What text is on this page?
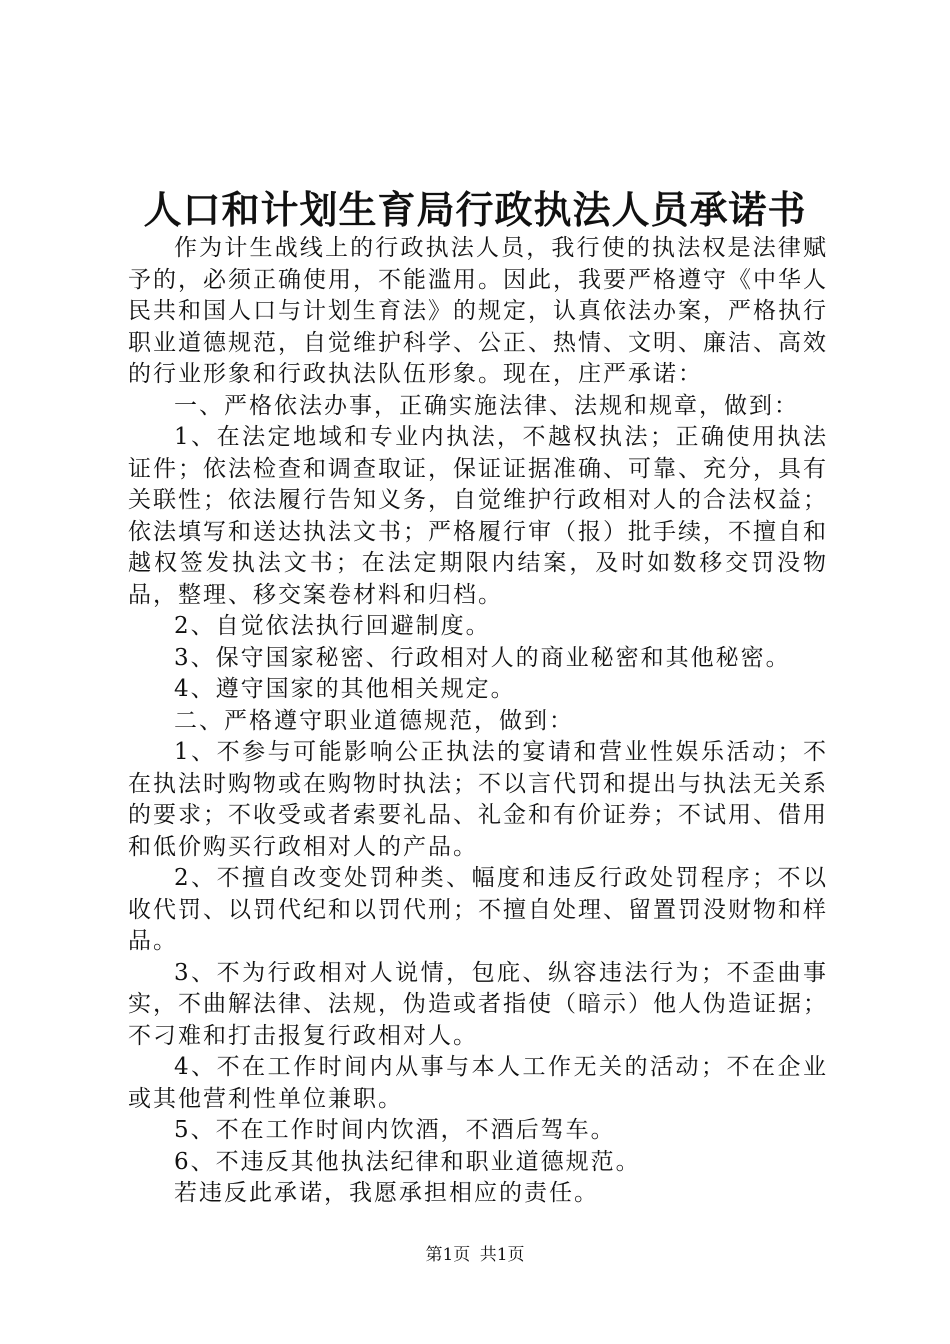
人口和计划生育局行政执法人员承诺书

作为计生战线上的行政执法人员，我行使的执法权是法律赋予的，必须正确使用，不能滥用。因此，我要严格遵守《中华人民共和国人口与计划生育法》的规定，认真依法办案，严格执行职业道德规范，自觉维护科学、公正、热情、文明、廉洁、高效的行业形象和行政执法队伍形象。现在，庄严承诺：

一、严格依法办事，正确实施法律、法规和规章，做到：

1、在法定地域和专业内执法，不越权执法；正确使用执法证件；依法检查和调查取证，保证证据准确、可靠、充分，具有关联性；依法履行告知义务，自觉维护行政相对人的合法权益；依法填写和送达执法文书；严格履行审（报）批手续，不擅自和越权签发执法文书；在法定期限内结案，及时如数移交罚没物品，整理、移交案卷材料和归档。

2、自觉依法执行回避制度。

3、保守国家秘密、行政相对人的商业秘密和其他秘密。

4、遵守国家的其他相关规定。

二、严格遵守职业道德规范，做到：

1、不参与可能影响公正执法的宴请和营业性娱乐活动；不在执法时购物或在购物时执法；不以言代罚和提出与执法无关系的要求；不收受或者索要礼品、礼金和有价证券；不试用、借用和低价购买行政相对人的产品。

2、不擅自改变处罚种类、幅度和违反行政处罚程序；不以收代罚、以罚代纪和以罚代刑；不擅自处理、留置罚没财物和样品。

3、不为行政相对人说情，包庇、纵容违法行为；不歪曲事实，不曲解法律、法规，伪造或者指使（暗示）他人伪造证据；不刁难和打击报复行政相对人。

4、不在工作时间内从事与本人工作无关的活动；不在企业或其他营利性单位兼职。

5、不在工作时间内饮酒，不酒后驾车。

6、不违反其他执法纪律和职业道德规范。

若违反此承诺，我愿承担相应的责任。

第1页 共1页
